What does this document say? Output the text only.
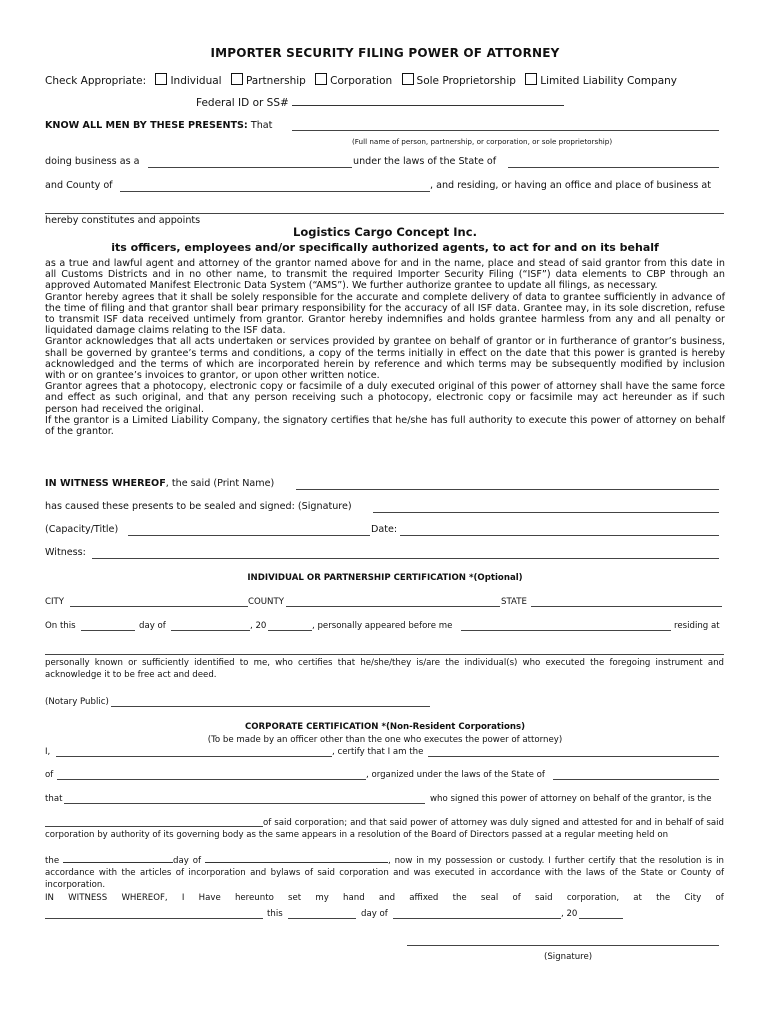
IMPORTER SECURITY FILING POWER OF ATTORNEY
Check Appropriate: Individual Partnership Corporation Sole Proprietorship Limited Liability Company
Federal ID or SS#
KNOW ALL MEN BY THESE PRESENTS: That
(Full name of person, partnership, or corporation, or sole proprietorship)
doing business as a	under the laws of the State of
and County of	, and residing, or having an office and place of business at
hereby constitutes and appoints
Logistics Cargo Concept Inc.
its officers, employees and/or specifically authorized agents, to act for and on its behalf

as a true and lawful agent and attorney of the grantor named above for and in the name, place and stead of said grantor from this date in all Customs Districts and in no other name, to transmit the required Importer Security Filing (“ISF”) data elements to CBP through an approved Automated Manifest Electronic Data System (“AMS”). We further authorize grantee to update all filings, as necessary.

Grantor hereby agrees that it shall be solely responsible for the accurate and complete delivery of data to grantee sufficiently in advance of the time of filing and that grantor shall bear primary responsibility for the accuracy of all ISF data. Grantee may, in its sole discretion, refuse to transmit ISF data received untimely from grantor. Grantor hereby indemnifies and holds grantee harmless from any and all penalty or liquidated damage claims relating to the ISF data.

Grantor acknowledges that all acts undertaken or services provided by grantee on behalf of grantor or in furtherance of grantor’s business, shall be governed by grantee’s terms and conditions, a copy of the terms initially in effect on the date that this power is granted is hereby acknowledged and the terms of which are incorporated herein by reference and which terms may be subsequently modified by inclusion with or on grantee’s invoices to grantor, or upon other written notice.

Grantor agrees that a photocopy, electronic copy or facsimile of a duly executed original of this power of attorney shall have the same force and effect as such original, and that any person receiving such a photocopy, electronic copy or facsimile may act hereunder as if such person had received the original.

If the grantor is a Limited Liability Company, the signatory certifies that he/she has full authority to execute this power of attorney on behalf of the grantor.

IN WITNESS WHEREOF, the said (Print Name)
has caused these presents to be sealed and signed: (Signature)
(Capacity/Title)	Date:
Witness:
INDIVIDUAL OR PARTNERSHIP CERTIFICATION *(Optional)
CITY	COUNTY	STATE
On this	day of	, 20	, personally appeared before me	residing at
personally known or sufficiently identified to me, who certifies that he/she/they is/are the individual(s) who executed the foregoing instrument and acknowledge it to be free act and deed.
(Notary Public)
CORPORATE CERTIFICATION *(Non-Resident Corporations)
(To be made by an officer other than the one who executes the power of attorney)
I,	, certify that I am the
of	, organized under the laws of the State of
that	who signed this power of attorney on behalf of the grantor, is the
of said corporation; and that said power of attorney was duly signed and attested for and in behalf of said corporation by authority of its governing body as the same appears in a resolution of the Board of Directors passed at a regular meeting held on
the	day of	, now in my possession or custody. I further certify that the resolution is in accordance with the articles of incorporation and bylaws of said corporation and was executed in accordance with the laws of the State or County of incorporation.
IN WITNESS WHEREOF, I Have hereunto set my hand and affixed the seal of said corporation, at the City of
this	day of	, 20
(Signature)
